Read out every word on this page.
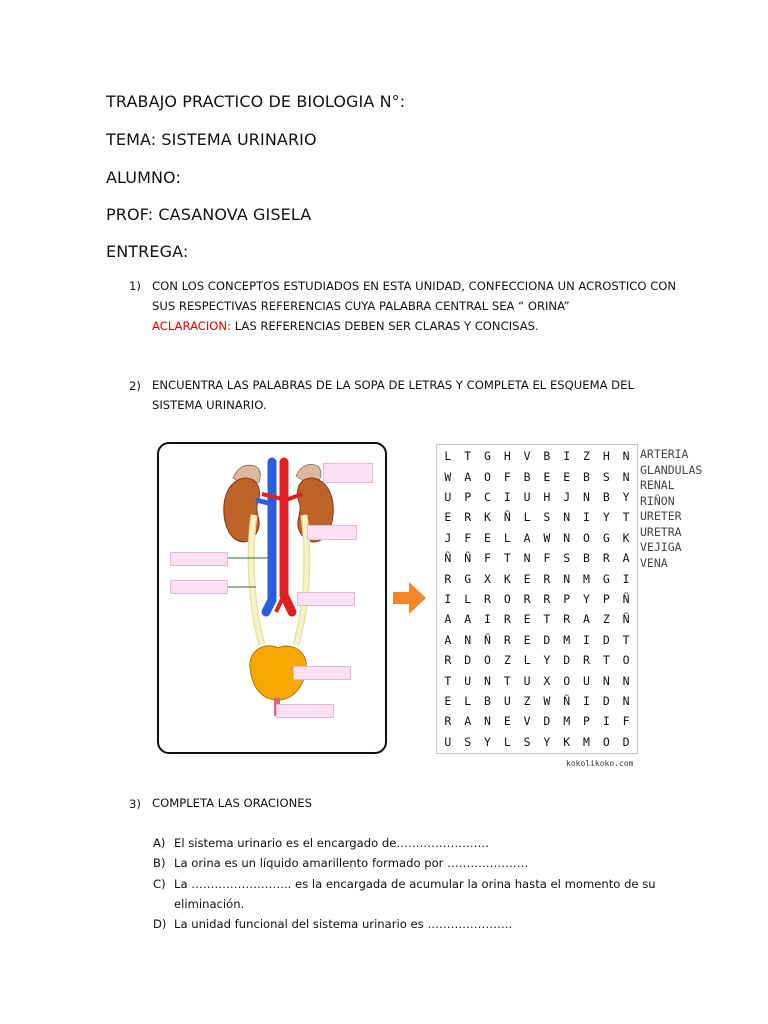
TRABAJO PRACTICO DE BIOLOGIA N°:
TEMA: SISTEMA URINARIO
ALUMNO:
PROF: CASANOVA GISELA
ENTREGA:
1) CON LOS CONCEPTOS ESTUDIADOS EN ESTA UNIDAD, CONFECCIONA UN ACROSTICO CON
SUS RESPECTIVAS REFERENCIAS CUYA PALABRA CENTRAL SEA “ ORINA”
ACLARACION: LAS REFERENCIAS DEBEN SER CLARAS Y CONCISAS.
2) ENCUENTRA LAS PALABRAS DE LA SOPA DE LETRAS Y COMPLETA EL ESQUEMA DEL
SISTEMA URINARIO.
L	T	G	H	V	B	I	Z	H	N
W	A	O	F	B	E	E	B	S	N
U	P	C	I	U	H	J	N	B	Y
E	R	K	Ñ	L	S	N	I	Y	T
J	F	E	L	A	W	N	O	G	K
Ñ	Ñ	F	T	N	F	S	B	R	A
R	G	X	K	E	R	N	M	G	I
I	L	R	O	R	R	P	Y	P	Ñ
A	A	I	R	E	T	R	A	Z	Ñ
A	N	Ñ	R	E	D	M	I	D	T
R	D	O	Z	L	Y	D	R	T	O
T	U	N	T	U	X	O	U	N	N
E	L	B	U	Z	W	Ñ	I	D	N
R	A	N	E	V	D	M	P	I	F
U	S	Y	L	S	Y	K	M	O	D
ARTERIA
GLANDULAS
RENAL
RIÑON
URETER
URETRA
VEJIGA
VENA
kokolikoko.com
3) COMPLETA LAS ORACIONES
A) El sistema urinario es el encargado de……………………
B) La orina es un líquido amarillento formado por …………………
C) La …………………….. es la encargada de acumular la orina hasta el momento de su
eliminación.
D) La unidad funcional del sistema urinario es ………………….
